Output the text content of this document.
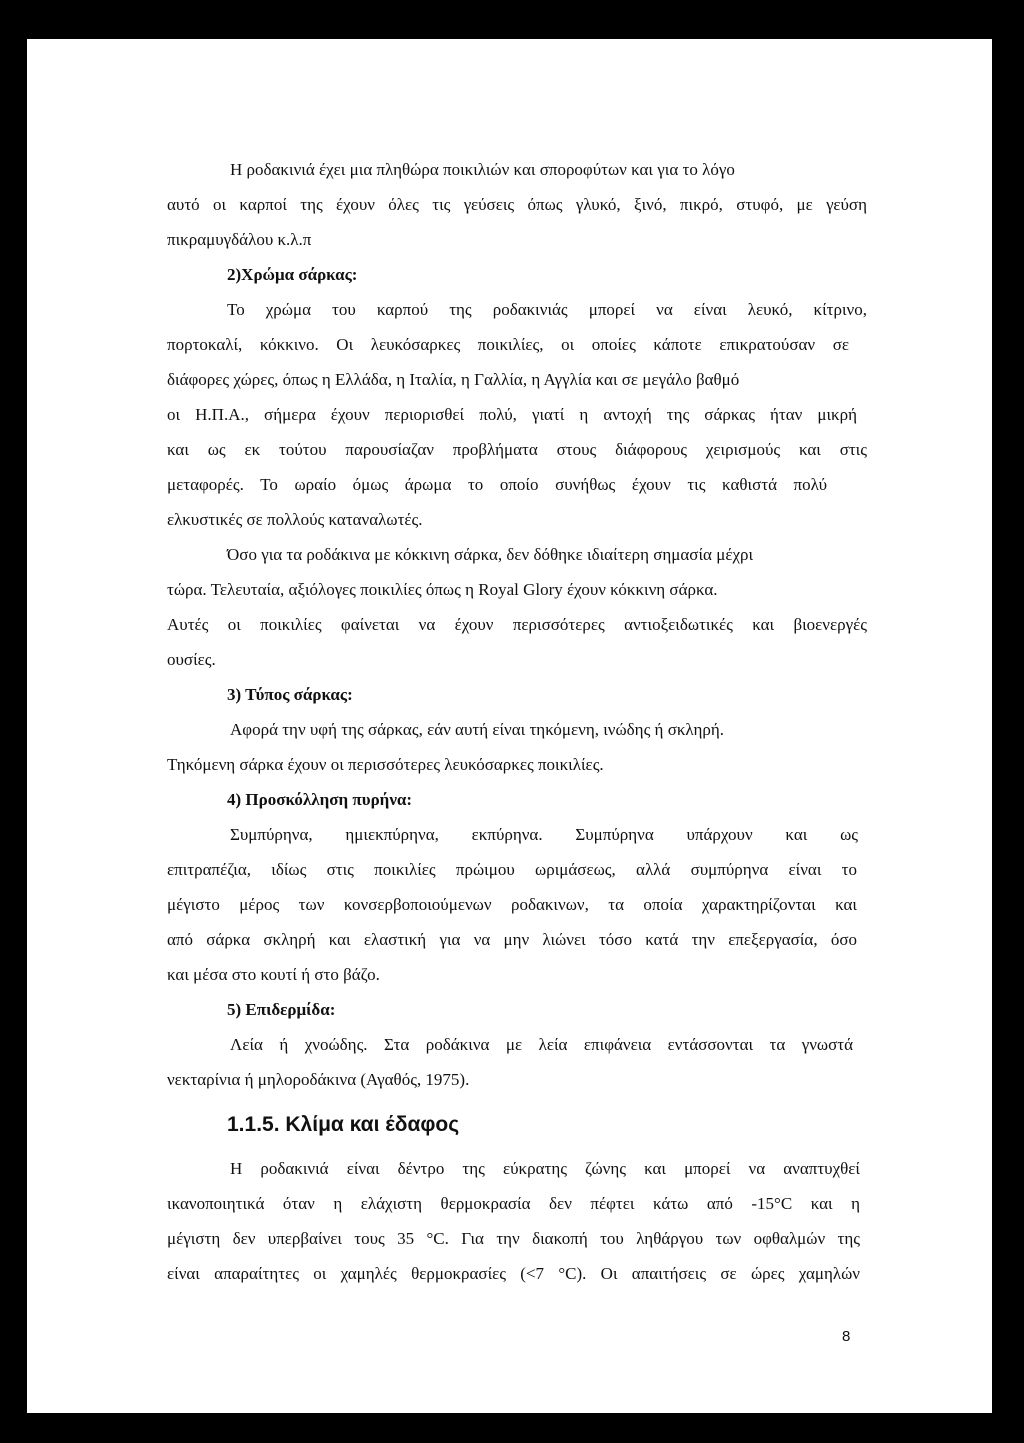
Η ροδακινιά έχει μια πληθώρα ποικιλιών και σποροφύτων και για το λόγο
αυτό οι καρποί της έχουν όλες τις γεύσεις όπως γλυκό, ξινό, πικρό, στυφό, με γεύση
πικραμυγδάλου κ.λ.π
2)Χρώμα σάρκας:
Το χρώμα του καρπού της ροδακινιάς μπορεί να είναι λευκό, κίτρινο,
πορτοκαλί, κόκκινο. Οι λευκόσαρκες ποικιλίες, οι οποίες κάποτε επικρατούσαν σε
διάφορες χώρες, όπως η Ελλάδα, η Ιταλία, η Γαλλία, η Αγγλία και σε μεγάλο βαθμό
οι Η.Π.Α., σήμερα έχουν περιορισθεί πολύ, γιατί η αντοχή της σάρκας ήταν μικρή
και ως εκ τούτου παρουσίαζαν προβλήματα στους διάφορους χειρισμούς και στις
μεταφορές. Το ωραίο όμως άρωμα το οποίο συνήθως έχουν τις καθιστά πολύ
ελκυστικές σε πολλούς καταναλωτές.
Όσο για τα ροδάκινα με κόκκινη σάρκα, δεν δόθηκε ιδιαίτερη σημασία μέχρι
τώρα. Τελευταία, αξιόλογες ποικιλίες όπως η Royal Glory έχουν κόκκινη σάρκα.
Αυτές οι ποικιλίες φαίνεται να έχουν περισσότερες αντιοξειδωτικές και βιοενεργές
ουσίες.
3) Τύπος σάρκας:
Αφορά την υφή της σάρκας, εάν αυτή είναι τηκόμενη, ινώδης ή σκληρή.
Τηκόμενη σάρκα έχουν οι περισσότερες λευκόσαρκες ποικιλίες.
4) Προσκόλληση πυρήνα:
Συμπύρηνα, ημιεκπύρηνα, εκπύρηνα. Συμπύρηνα υπάρχουν και ως
επιτραπέζια, ιδίως στις ποικιλίες πρώιμου ωριμάσεως, αλλά συμπύρηνα είναι το
μέγιστο μέρος των κονσερβοποιούμενων ροδακινων, τα οποία χαρακτηρίζονται και
από σάρκα σκληρή και ελαστική για να μην λιώνει τόσο κατά την επεξεργασία, όσο
και μέσα στο κουτί ή στο βάζο.
5) Επιδερμίδα:
Λεία ή χνοώδης. Στα ροδάκινα με λεία επιφάνεια εντάσσονται τα γνωστά
νεκταρίνια ή μηλοροδάκινα (Αγαθός, 1975).
1.1.5. Κλίμα και έδαφος
Η ροδακινιά είναι δέντρο της εύκρατης ζώνης και μπορεί να αναπτυχθεί
ικανοποιητικά όταν η ελάχιστη θερμοκρασία δεν πέφτει κάτω από -15°C και η
μέγιστη δεν υπερβαίνει τους 35 °C. Για την διακοπή του ληθάργου των οφθαλμών της
είναι απαραίτητες οι χαμηλές θερμοκρασίες (<7 °C). Οι απαιτήσεις σε ώρες χαμηλών
8
